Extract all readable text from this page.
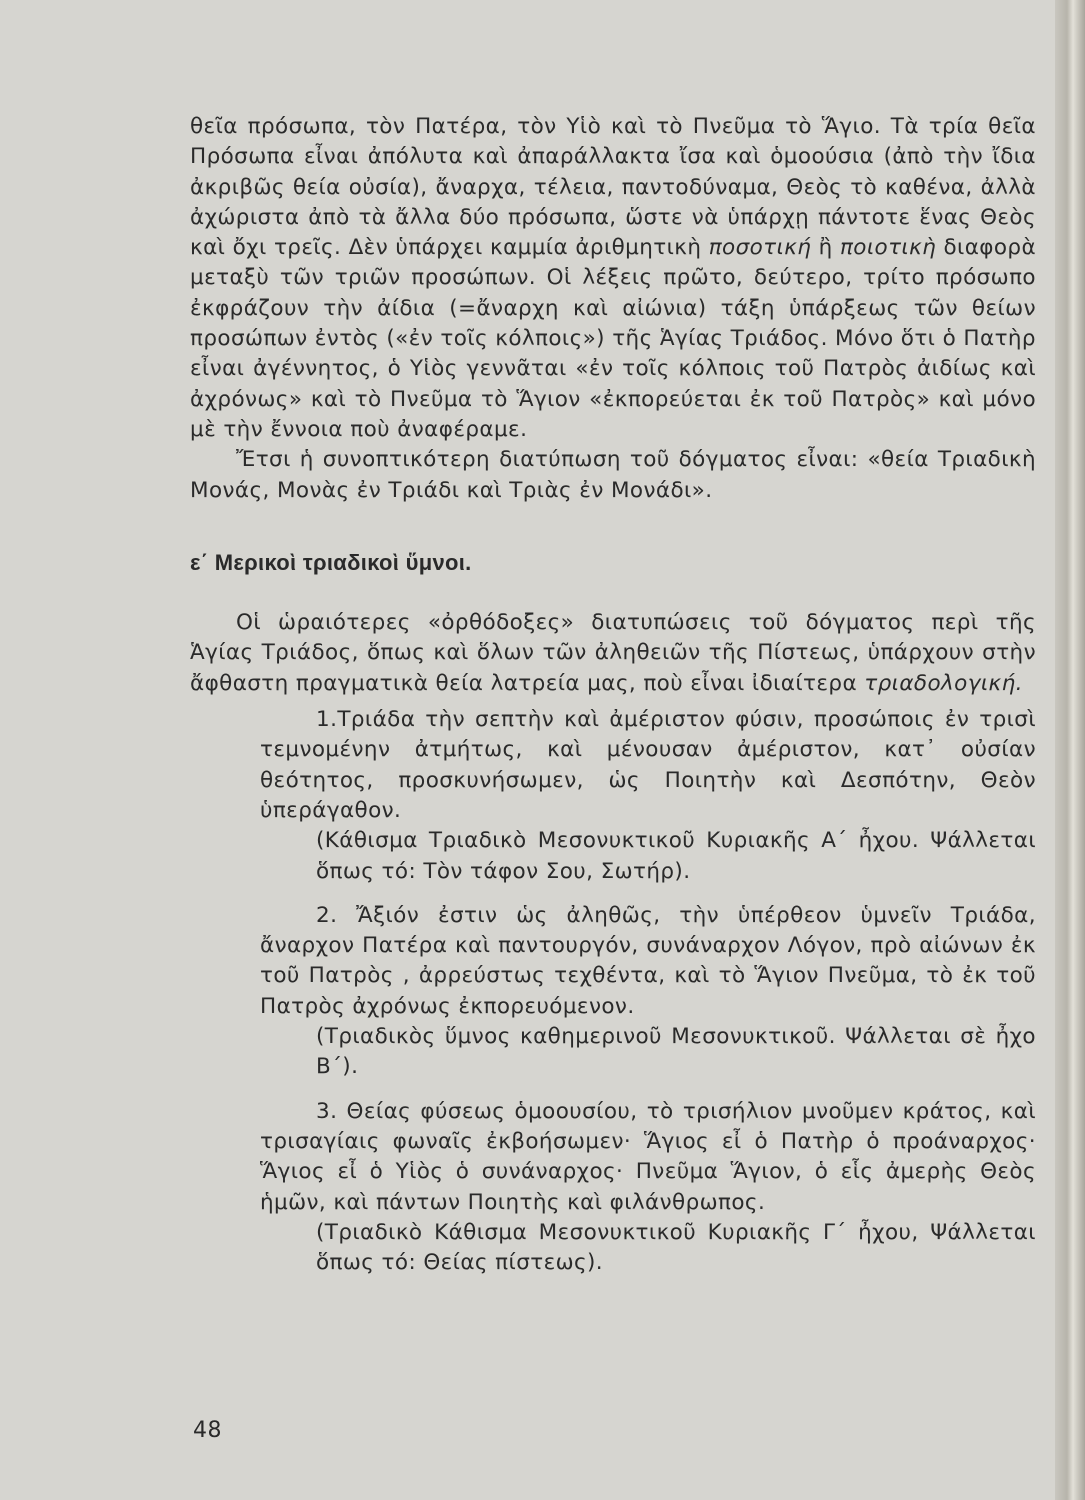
θεῖα πρόσωπα, τὸν Πατέρα, τὸν Υἱὸ καὶ τὸ Πνεῦμα τὸ Ἅγιο. Τὰ τρία θεῖα Πρόσωπα εἶναι ἀπόλυτα καὶ ἀπαράλλακτα ἴσα καὶ ὁμοούσια (ἀπὸ τὴν ἴδια ἀκριβῶς θεία οὐσία), ἄναρχα, τέλεια, παντοδύναμα, Θεὸς τὸ καθένα, ἀλλὰ ἀχώριστα ἀπὸ τὰ ἄλλα δύο πρόσωπα, ὥστε νὰ ὑπάρχῃ πάντοτε ἕνας Θεὸς καὶ ὄχι τρεῖς. Δὲν ὑπάρχει καμμία ἀριθμητικὴ ποσοτική ἢ ποιοτικὴ διαφορὰ μεταξὺ τῶν τριῶν προσώπων. Οἱ λέξεις πρῶτο, δεύτερο, τρίτο πρόσωπο ἐκφράζουν τὴν ἀίδια (=ἄναρχη καὶ αἰώνια) τάξη ὑπάρξεως τῶν θείων προσώπων ἐντὸς («ἐν τοῖς κόλποις») τῆς Ἁγίας Τριάδος. Μόνο ὅτι ὁ Πατὴρ εἶναι ἀγέννητος, ὁ Υἱὸς γεννᾶται «ἐν τοῖς κόλποις τοῦ Πατρὸς ἀιδίως καὶ ἀχρόνως» καὶ τὸ Πνεῦμα τὸ Ἅγιον «ἐκπορεύεται ἐκ τοῦ Πατρὸς» καὶ μόνο μὲ τὴν ἔννοια ποὺ ἀναφέραμε.

Ἔτσι ἡ συνοπτικότερη διατύπωση τοῦ δόγματος εἶναι: «θεία Τριαδικὴ Μονάς, Μονὰς ἐν Τριάδι καὶ Τριὰς ἐν Μονάδι».

ε΄ Μερικοὶ τριαδικοὶ ὕμνοι.

Οἱ ὡραιότερες «ὀρθόδοξες» διατυπώσεις τοῦ δόγματος περὶ τῆς Ἁγίας Τριάδος, ὅπως καὶ ὅλων τῶν ἀληθειῶν τῆς Πίστεως, ὑπάρχουν στὴν ἄφθαστη πραγματικὰ θεία λατρεία μας, ποὺ εἶναι ἰδιαίτερα τριαδολογική.

1.Τριάδα τὴν σεπτὴν καὶ ἀμέριστον φύσιν, προσώποις ἐν τρισὶ τεμνομένην ἀτμήτως, καὶ μένουσαν ἀμέριστον, κατ᾽ οὐσίαν θεότητος, προσκυνήσωμεν, ὡς Ποιητὴν καὶ Δεσπότην, Θεὸν ὑπεράγαθον.

(Κάθισμα Τριαδικὸ Μεσονυκτικοῦ Κυριακῆς Α΄ ἦχου. Ψάλλεται ὅπως τό: Τὸν τάφον Σου, Σωτήρ).

2. Ἄξιόν ἐστιν ὡς ἀληθῶς, τὴν ὑπέρθεον ὑμνεῖν Τριάδα, ἄναρχον Πατέρα καὶ παντουργόν, συνάναρχον Λόγον, πρὸ αἰώνων ἐκ τοῦ Πατρὸς , ἀρρεύστως τεχθέντα, καὶ τὸ Ἅγιον Πνεῦμα, τὸ ἐκ τοῦ Πατρὸς ἀχρόνως ἐκπορευόμενον.

(Τριαδικὸς ὕμνος καθημερινοῦ Μεσονυκτικοῦ. Ψάλλεται σὲ ἦχο Β΄).

3. Θείας φύσεως ὁμοουσίου, τὸ τρισήλιον μνοῦμεν κράτος, καὶ τρισαγίαις φωναῖς ἐκβοήσωμεν· Ἅγιος εἶ ὁ Πατὴρ ὁ προάναρχος· Ἅγιος εἶ ὁ Υἱὸς ὁ συνάναρχος· Πνεῦμα Ἅγιον, ὁ εἷς ἀμερὴς Θεὸς ἡμῶν, καὶ πάντων Ποιητὴς καὶ φιλάνθρωπος.

(Τριαδικὸ Κάθισμα Μεσονυκτικοῦ Κυριακῆς Γ΄ ἦχου, Ψάλλεται ὅπως τό: Θείας πίστεως).

48
